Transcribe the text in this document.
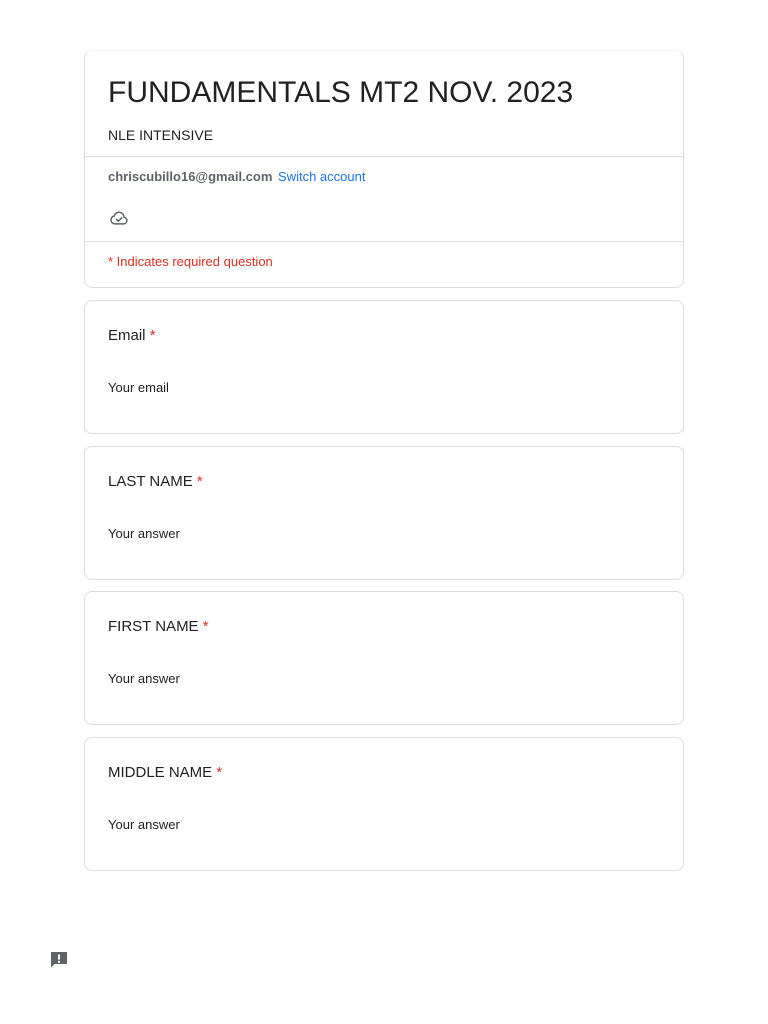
FUNDAMENTALS MT2 NOV. 2023
NLE INTENSIVE
chriscubillo16@gmail.com Switch account
* Indicates required question
Email *
Your email
LAST NAME *
Your answer
FIRST NAME *
Your answer
MIDDLE NAME *
Your answer
